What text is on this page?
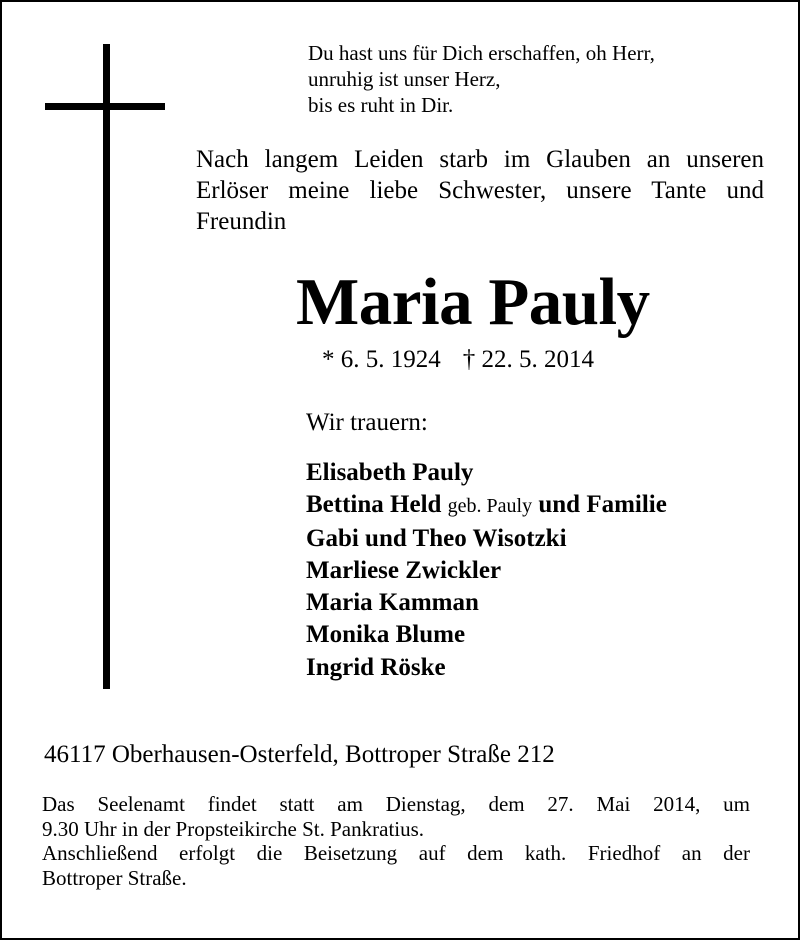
Du hast uns für Dich erschaffen, oh Herr,
unruhig ist unser Herz,
bis es ruht in Dir.
Nach langem Leiden starb im Glauben an unseren
Erlöser meine liebe Schwester, unsere Tante und
Freundin
Maria Pauly
* 6. 5. 1924 † 22. 5. 2014
Wir trauern:
Elisabeth Pauly
Bettina Held geb. Pauly und Familie
Gabi und Theo Wisotzki
Marliese Zwickler
Maria Kamman
Monika Blume
Ingrid Röske
46117 Oberhausen-Osterfeld, Bottroper Straße 212
Das Seelenamt findet statt am Dienstag, dem 27. Mai 2014, um
9.30 Uhr in der Propsteikirche St. Pankratius.
Anschließend erfolgt die Beisetzung auf dem kath. Friedhof an der
Bottroper Straße.
